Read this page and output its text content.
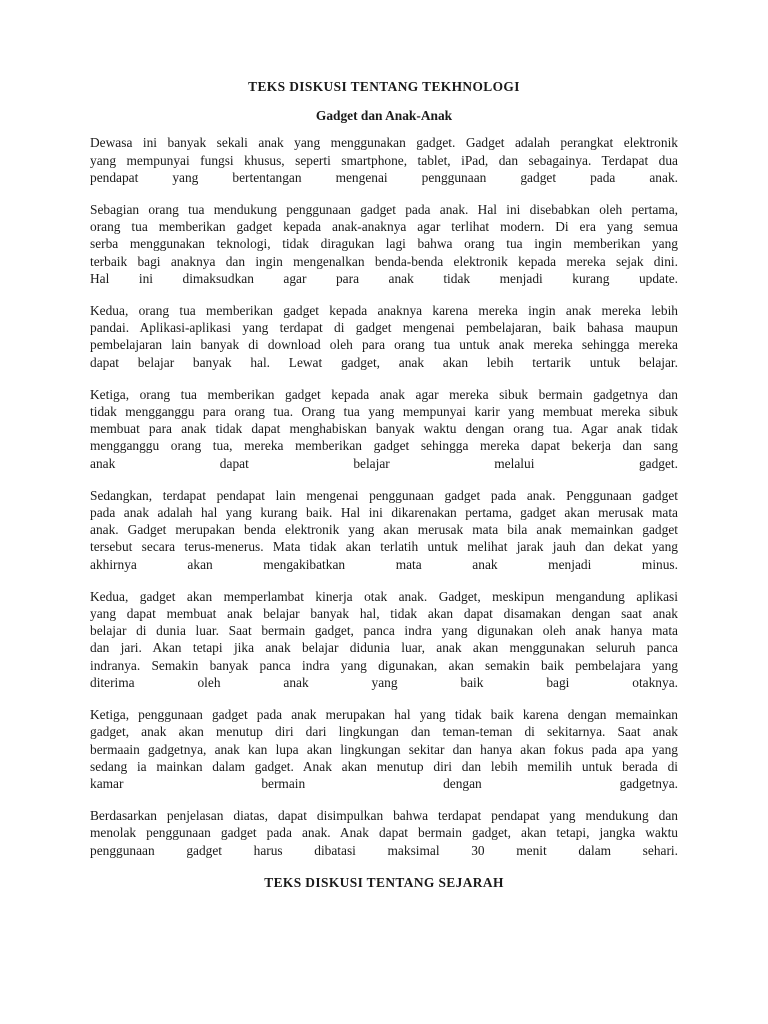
TEKS DISKUSI TENTANG TEKHNOLOGI
Gadget dan Anak-Anak
Dewasa ini banyak sekali anak yang menggunakan gadget. Gadget adalah perangkat elektronik
yang mempunyai fungsi khusus, seperti smartphone, tablet, iPad, dan sebagainya. Terdapat dua
pendapat yang bertentangan mengenai penggunaan gadget pada anak.
Sebagian orang tua mendukung penggunaan gadget pada anak. Hal ini disebabkan oleh pertama,
orang tua memberikan gadget kepada anak-anaknya agar terlihat modern. Di era yang semua
serba menggunakan teknologi, tidak diragukan lagi bahwa orang tua ingin memberikan yang
terbaik bagi anaknya dan ingin mengenalkan benda-benda elektronik kepada mereka sejak dini.
Hal ini dimaksudkan agar para anak tidak menjadi kurang update.
Kedua, orang tua memberikan gadget kepada anaknya karena mereka ingin anak mereka lebih
pandai. Aplikasi-aplikasi yang terdapat di gadget mengenai pembelajaran, baik bahasa maupun
pembelajaran lain banyak di download oleh para orang tua untuk anak mereka sehingga mereka
dapat belajar banyak hal. Lewat gadget, anak akan lebih tertarik untuk belajar.
Ketiga, orang tua memberikan gadget kepada anak agar mereka sibuk bermain gadgetnya dan
tidak mengganggu para orang tua. Orang tua yang mempunyai karir yang membuat mereka sibuk
membuat para anak tidak dapat menghabiskan banyak waktu dengan orang tua. Agar anak tidak
mengganggu orang tua, mereka memberikan gadget sehingga mereka dapat bekerja dan sang
anak dapat belajar melalui gadget.
Sedangkan, terdapat pendapat lain mengenai penggunaan gadget pada anak. Penggunaan gadget
pada anak adalah hal yang kurang baik. Hal ini dikarenakan pertama, gadget akan merusak mata
anak. Gadget merupakan benda elektronik yang akan merusak mata bila anak memainkan gadget
tersebut secara terus-menerus. Mata tidak akan terlatih untuk melihat jarak jauh dan dekat yang
akhirnya akan mengakibatkan mata anak menjadi minus.
Kedua, gadget akan memperlambat kinerja otak anak. Gadget, meskipun mengandung aplikasi
yang dapat membuat anak belajar banyak hal, tidak akan dapat disamakan dengan saat anak
belajar di dunia luar. Saat bermain gadget, panca indra yang digunakan oleh anak hanya mata
dan jari. Akan tetapi jika anak belajar didunia luar, anak akan menggunakan seluruh panca
indranya. Semakin banyak panca indra yang digunakan, akan semakin baik pembelajara yang
diterima oleh anak yang baik bagi otaknya.
Ketiga, penggunaan gadget pada anak merupakan hal yang tidak baik karena dengan memainkan
gadget, anak akan menutup diri dari lingkungan dan teman-teman di sekitarnya. Saat anak
bermaain gadgetnya, anak kan lupa akan lingkungan sekitar dan hanya akan fokus pada apa yang
sedang ia mainkan dalam gadget. Anak akan menutup diri dan lebih memilih untuk berada di
kamar bermain dengan gadgetnya.
Berdasarkan penjelasan diatas, dapat disimpulkan bahwa terdapat pendapat yang mendukung dan
menolak penggunaan gadget pada anak. Anak dapat bermain gadget, akan tetapi, jangka waktu
penggunaan gadget harus dibatasi maksimal 30 menit dalam sehari.
TEKS DISKUSI TENTANG SEJARAH
